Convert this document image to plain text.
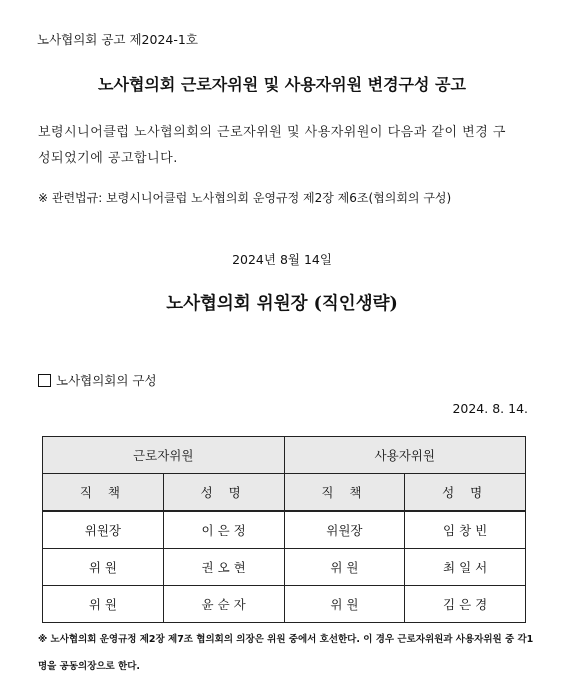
노사협의회 공고 제2024-1호
노사협의회 근로자위원 및 사용자위원 변경구성 공고
보령시니어클럽 노사협의회의 근로자위원 및 사용자위원이 다음과 같이 변경 구성되었기에 공고합니다.
※ 관련법규: 보령시니어클럽 노사협의회 운영규정 제2장 제6조(협의회의 구성)
2024년 8월 14일
노사협의회 위원장 (직인생략)
노사협의회의 구성
2024. 8. 14.
근로자위원		사용자위원	
직 책	성 명	직 책	성 명
위원장	이 은 정	위원장	임 창 빈
위 원	권 오 현	위 원	최 일 서
위 원	윤 순 자	위 원	김 은 경
※ 노사협의회 운영규정 제2장 제7조 협의회의 의장은 위원 중에서 호선한다. 이 경우 근로자위원과 사용자위원 중 각1명을 공동의장으로 한다.
